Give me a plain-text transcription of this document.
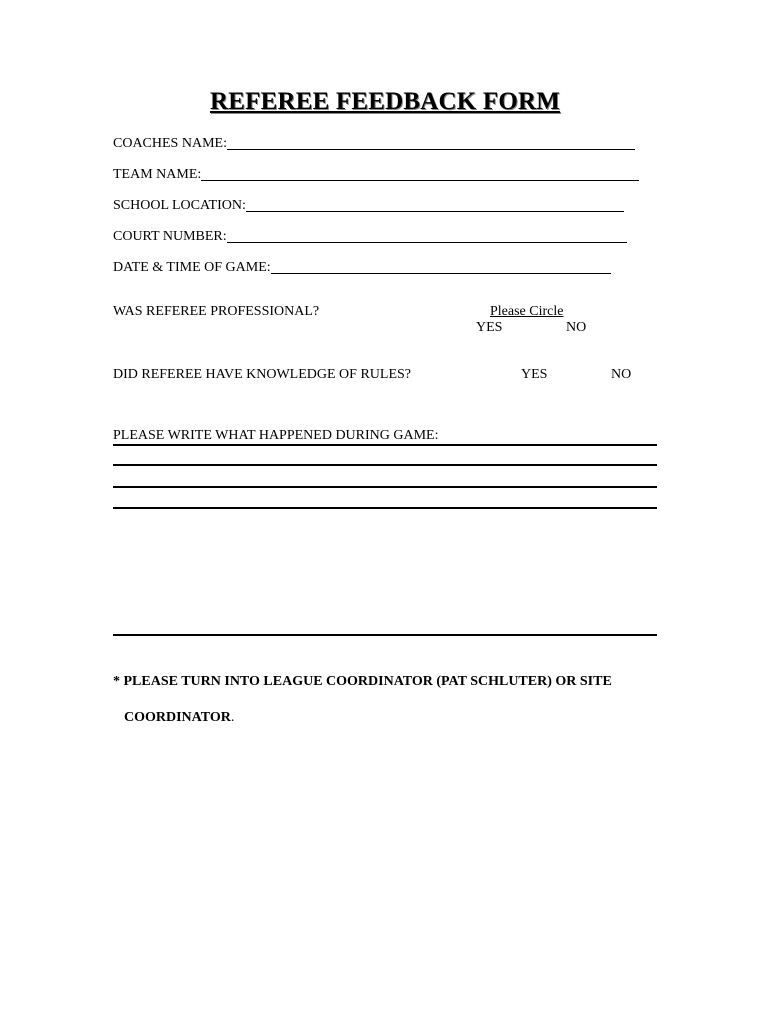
REFEREE FEEDBACK FORM
COACHES NAME:
TEAM NAME:
SCHOOL LOCATION:
COURT NUMBER:
DATE & TIME OF GAME:
WAS REFEREE PROFESSIONAL?	Please Circle
YES	NO
DID REFEREE HAVE KNOWLEDGE OF RULES?	YES	NO
PLEASE WRITE WHAT HAPPENED DURING GAME:
* PLEASE TURN INTO LEAGUE COORDINATOR (PAT SCHLUTER) OR SITE
COORDINATOR.
